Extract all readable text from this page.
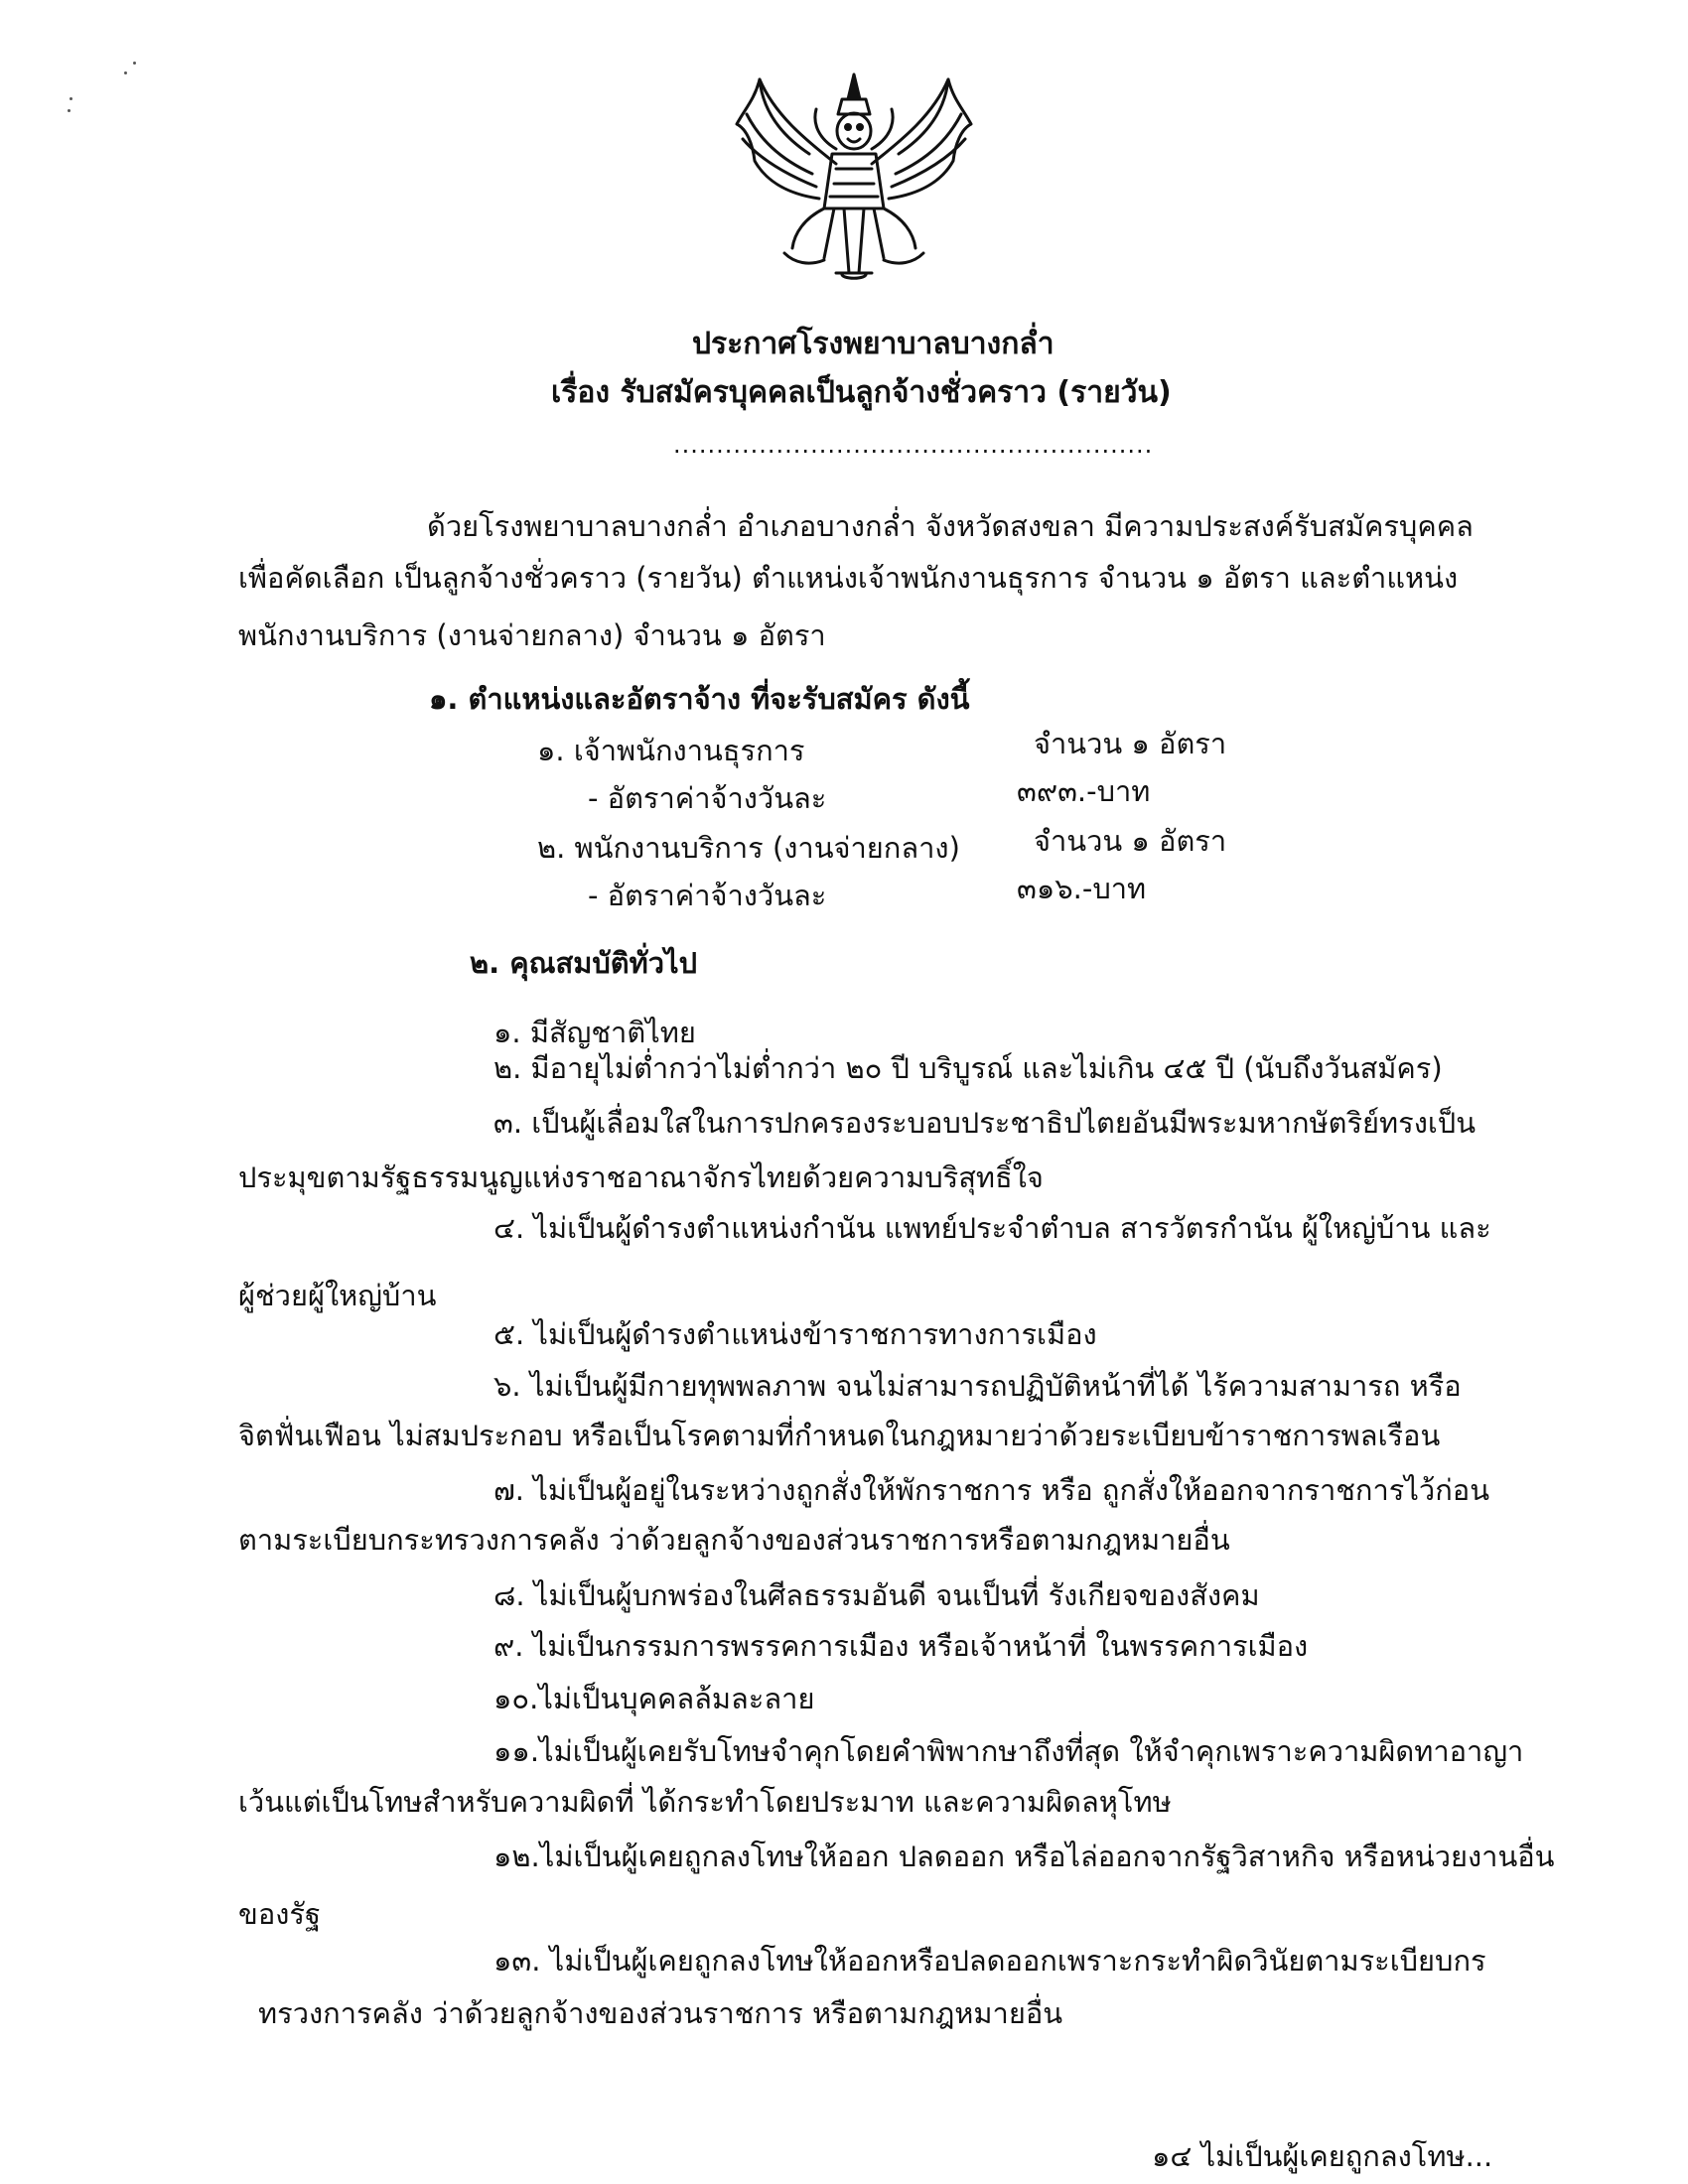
ประกาศโรงพยาบาลบางกล่ำ
เรื่อง รับสมัครบุคคลเป็นลูกจ้างชั่วคราว (รายวัน)
........................................................
ด้วยโรงพยาบาลบางกล่ำ อำเภอบางกล่ำ จังหวัดสงขลา มีความประสงค์รับสมัครบุคคล
เพื่อคัดเลือก เป็นลูกจ้างชั่วคราว (รายวัน) ตำแหน่งเจ้าพนักงานธุรการ จำนวน ๑ อัตรา และตำแหน่ง
พนักงานบริการ (งานจ่ายกลาง) จำนวน ๑ อัตรา
๑. ตำแหน่งและอัตราจ้าง ที่จะรับสมัคร ดังนี้
๑. เจ้าพนักงานธุรการ	จำนวน ๑ อัตรา
- อัตราค่าจ้างวันละ	๓๙๓.-บาท
๒. พนักงานบริการ (งานจ่ายกลาง)	จำนวน ๑ อัตรา
- อัตราค่าจ้างวันละ	๓๑๖.-บาท
๒. คุณสมบัติทั่วไป
๑. มีสัญชาติไทย
๒. มีอายุไม่ต่ำกว่าไม่ต่ำกว่า ๒๐ ปี บริบูรณ์ และไม่เกิน ๔๕ ปี (นับถึงวันสมัคร)
๓. เป็นผู้เลื่อมใสในการปกครองระบอบประชาธิปไตยอันมีพระมหากษัตริย์ทรงเป็น
ประมุขตามรัฐธรรมนูญแห่งราชอาณาจักรไทยด้วยความบริสุทธิ์ใจ
๔. ไม่เป็นผู้ดำรงตำแหน่งกำนัน แพทย์ประจำตำบล สารวัตรกำนัน ผู้ใหญ่บ้าน และ
ผู้ช่วยผู้ใหญ่บ้าน
๕. ไม่เป็นผู้ดำรงตำแหน่งข้าราชการทางการเมือง
๖. ไม่เป็นผู้มีกายทุพพลภาพ จนไม่สามารถปฏิบัติหน้าที่ได้ ไร้ความสามารถ หรือ
จิตฟั่นเฟือน ไม่สมประกอบ หรือเป็นโรคตามที่กำหนดในกฎหมายว่าด้วยระเบียบข้าราชการพลเรือน
๗. ไม่เป็นผู้อยู่ในระหว่างถูกสั่งให้พักราชการ หรือ ถูกสั่งให้ออกจากราชการไว้ก่อน
ตามระเบียบกระทรวงการคลัง ว่าด้วยลูกจ้างของส่วนราชการหรือตามกฎหมายอื่น
๘. ไม่เป็นผู้บกพร่องในศีลธรรมอันดี จนเป็นที่ รังเกียจของสังคม
๙. ไม่เป็นกรรมการพรรคการเมือง หรือเจ้าหน้าที่ ในพรรคการเมือง
๑๐.ไม่เป็นบุคคลล้มละลาย
๑๑.ไม่เป็นผู้เคยรับโทษจำคุกโดยคำพิพากษาถึงที่สุด ให้จำคุกเพราะความผิดทาอาญา
เว้นแต่เป็นโทษสำหรับความผิดที่ ได้กระทำโดยประมาท และความผิดลหุโทษ
๑๒.ไม่เป็นผู้เคยถูกลงโทษให้ออก ปลดออก หรือไล่ออกจากรัฐวิสาหกิจ หรือหน่วยงานอื่น
ของรัฐ
๑๓. ไม่เป็นผู้เคยถูกลงโทษให้ออกหรือปลดออกเพราะกระทำผิดวินัยตามระเบียบกร
ทรวงการคลัง ว่าด้วยลูกจ้างของส่วนราชการ หรือตามกฎหมายอื่น
๑๔ ไม่เป็นผู้เคยถูกลงโทษ...
